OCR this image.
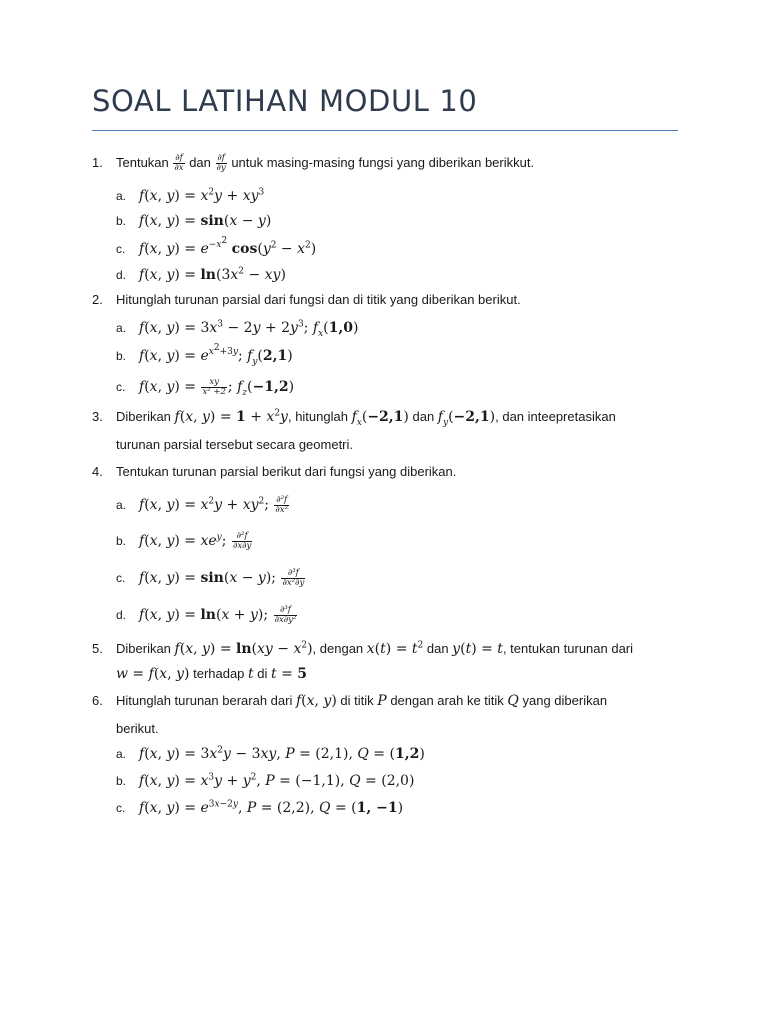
SOAL LATIHAN MODUL 10
1. Tentukan $\frac{\partial f}{\partial x}$ dan $\frac{\partial f}{\partial y}$ untuk masing-masing fungsi yang diberikan berikkut.
a. f(x, $y) = x^2y + xy^3$
b. f(x, y) = sin(x − y)
c. f(x, $y) = e^{-x^2}$ $\cos(y^2 - x^2)$
d. f(x, $y) = \ln(3x^2 - xy)$
2. Hitunglah turunan parsial dari fungsi dan di titik yang diberikan berikut.
a. f(x, $y) = 3x^3 - 2y + 2y^3$; $f_x(1,0)$
b. f(x, $y) = e^{x^2+3y}$; $f_y(2,1)$
c. f(x, $y) = \frac{xy}{\text{x² +2}}$ ; $f_z(-1,2)$
3. Diberikan f(x, $y) = 1 + x^2y$, hitunglah $f_x(-2,1)$ dan $f_y(-2,1)$, dan inteepretasikan
turunan parsial tersebut secara geometri.
4. Tentukan turunan parsial berikut dari fungsi yang diberikan.
a. f(x, $y) = x^2y + xy^2$; $\frac{\text{∂²f}}{\text{∂x²}}$
b. f(x, $y) = xe^y$; $\frac{\text{∂²f}}{\partial x\partial y}$
c. f(x, y) = sin(x − y); $\frac{\text{∂³f}}{\text{∂x²∂y}}$
d. f(x, y) = ln(x + y); $\frac{\text{∂³f}}{\text{∂x∂y²}}$
5. Diberikan f(x, $y) = \ln(xy - x^2)$, dengan $x(t) = t^2$ dan y(t) = t, tentukan turunan dari
w = f(x, y) terhadap t di t = 5
6. Hitunglah turunan berarah dari f(x, y) di titik P dengan arah ke titik Q yang diberikan
berikut.
a. f(x, $y) = 3x^2y - 3xy$, P = (2,1), Q = (1,2)
b. f(x, $y) = x^3y + y^2$, P = (−1,1), Q = (2,0)
c. f(x, $y) = e^{3x-2y}$, P = (2,2), Q = (1, −1)
